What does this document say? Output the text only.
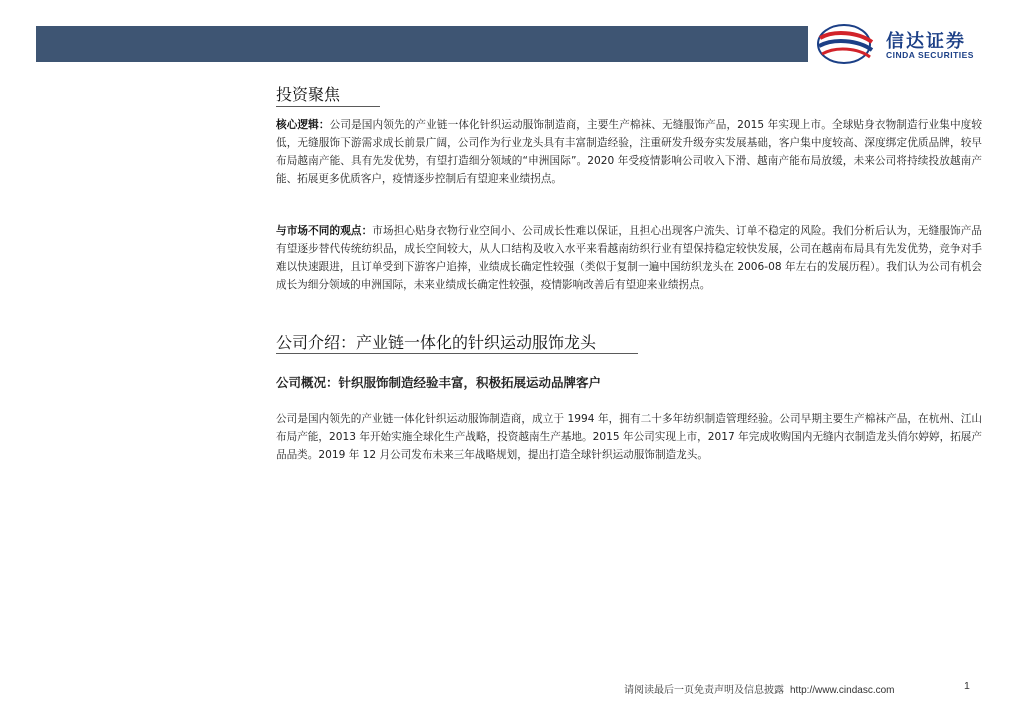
信达证券
CINDA SECURITIES
投资聚焦
核心逻辑：公司是国内领先的产业链一体化针织运动服饰制造商，主要生产棉袜、无缝服饰产品，2015 年实现上市。全球贴身衣物制造行业集中度较低，无缝服饰下游需求成长前景广阔，公司作为行业龙头具有丰富制造经验，注重研发升级夯实发展基础，客户集中度较高、深度绑定优质品牌，较早布局越南产能、具有先发优势，有望打造细分领域的“申洲国际”。2020 年受疫情影响公司收入下滑、越南产能布局放缓，未来公司将持续投放越南产能、拓展更多优质客户，疫情逐步控制后有望迎来业绩拐点。
与市场不同的观点：市场担心贴身衣物行业空间小、公司成长性难以保证，且担心出现客户流失、订单不稳定的风险。我们分析后认为，无缝服饰产品有望逐步替代传统纺织品，成长空间较大，从人口结构及收入水平来看越南纺织行业有望保持稳定较快发展，公司在越南布局具有先发优势，竞争对手难以快速跟进，且订单受到下游客户追捧，业绩成长确定性较强（类似于复制一遍中国纺织龙头在 2006-08 年左右的发展历程）。我们认为公司有机会成长为细分领域的申洲国际，未来业绩成长确定性较强，疫情影响改善后有望迎来业绩拐点。
公司介绍：产业链一体化的针织运动服饰龙头
公司概况：针织服饰制造经验丰富，积极拓展运动品牌客户
公司是国内领先的产业链一体化针织运动服饰制造商，成立于 1994 年，拥有二十多年纺织制造管理经验。公司早期主要生产棉袜产品，在杭州、江山布局产能，2013 年开始实施全球化生产战略，投资越南生产基地。2015 年公司实现上市，2017 年完成收购国内无缝内衣制造龙头俏尔婷婷，拓展产品品类。2019 年 12 月公司发布未来三年战略规划，提出打造全球针织运动服饰制造龙头。
请阅读最后一页免责声明及信息披露 http://www.cindasc.com	1
